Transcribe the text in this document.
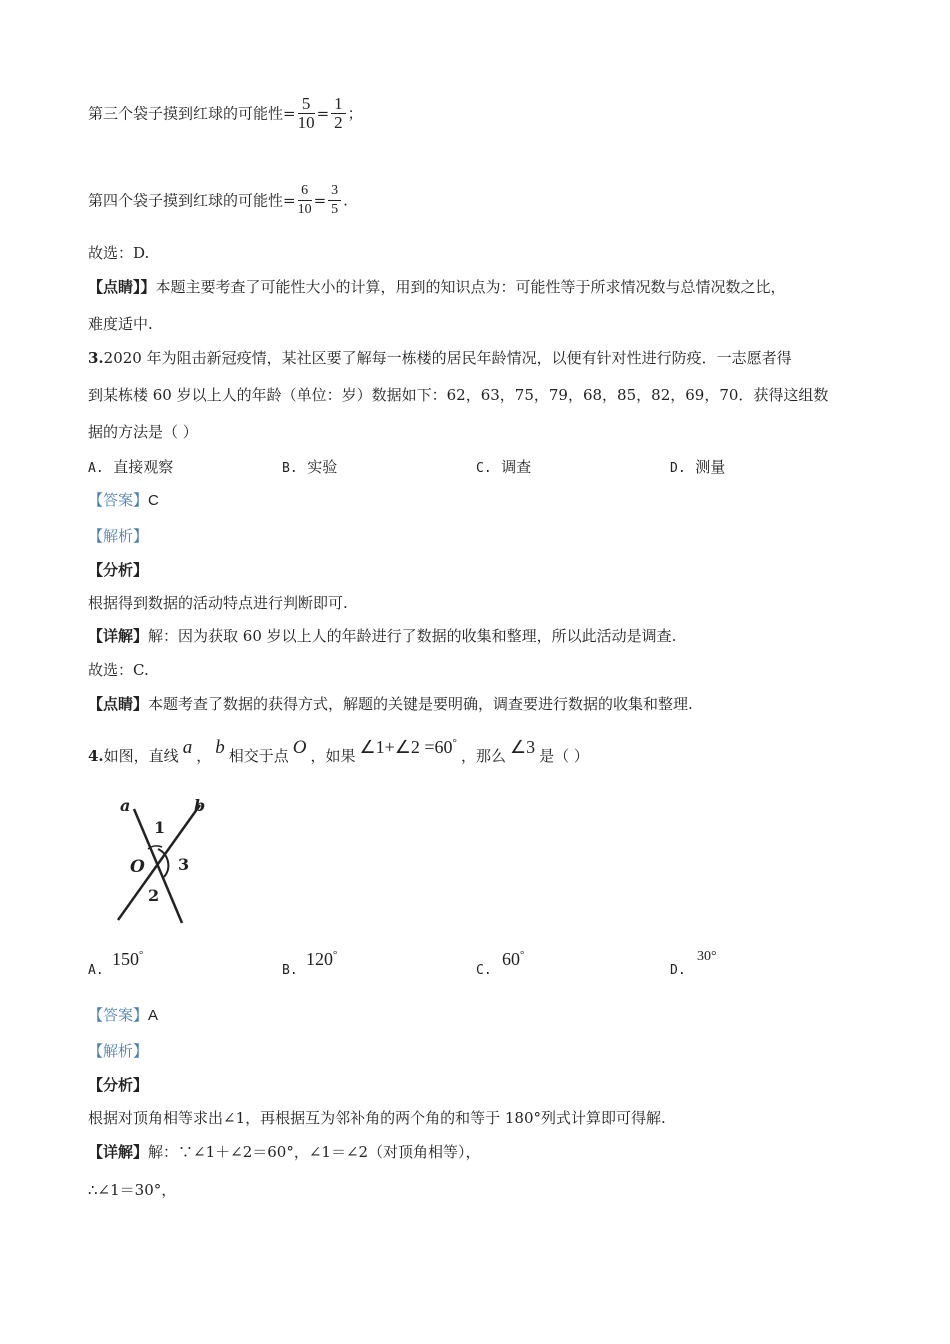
第三个袋子摸到红球的可能性= $\frac{5}{10} = \frac{1}{2}$ ；
第四个袋子摸到红球的可能性= $\frac{6}{10} = \frac{3}{5}$ .
故选：D.
【点睛】】本题主要考查了可能性大小的计算，用到的知识点为：可能性等于所求情况数与总情况数之比，
难度适中.
3.2020 年为阻击新冠疫情，某社区要了解每一栋楼的居民年龄情况，以便有针对性进行防疫．一志愿者得
到某栋楼 60 岁以上人的年龄（单位：岁）数据如下：62，63，75，79，68，85，82，69，70．获得这组数
据的方法是（ ）
A. 直接观察	B. 实验	C. 调查	D. 测量
【答案】C
【解析】
【分析】
根据得到数据的活动特点进行判断即可.
【详解】解：因为获取 60 岁以上人的年龄进行了数据的收集和整理，所以此活动是调查.
故选：C.
【点睛】本题考查了数据的获得方式，解题的关键是要明确，调查要进行数据的收集和整理.
4.如图，直线 a ， b 相交于点 O ，如果 ∠1+∠2 =60°，那么 ∠3 是（ ）
a	b
1
O 3
2
A.
150°
B.
120°
C.
60°
D.
30°
【答案】A
【解析】
【分析】
根据对顶角相等求出∠1，再根据互为邻补角的两个角的和等于 180°列式计算即可得解.
【详解】解：∵∠1＋∠2＝60°，∠1＝∠2（对顶角相等），
∴∠1＝30°，
